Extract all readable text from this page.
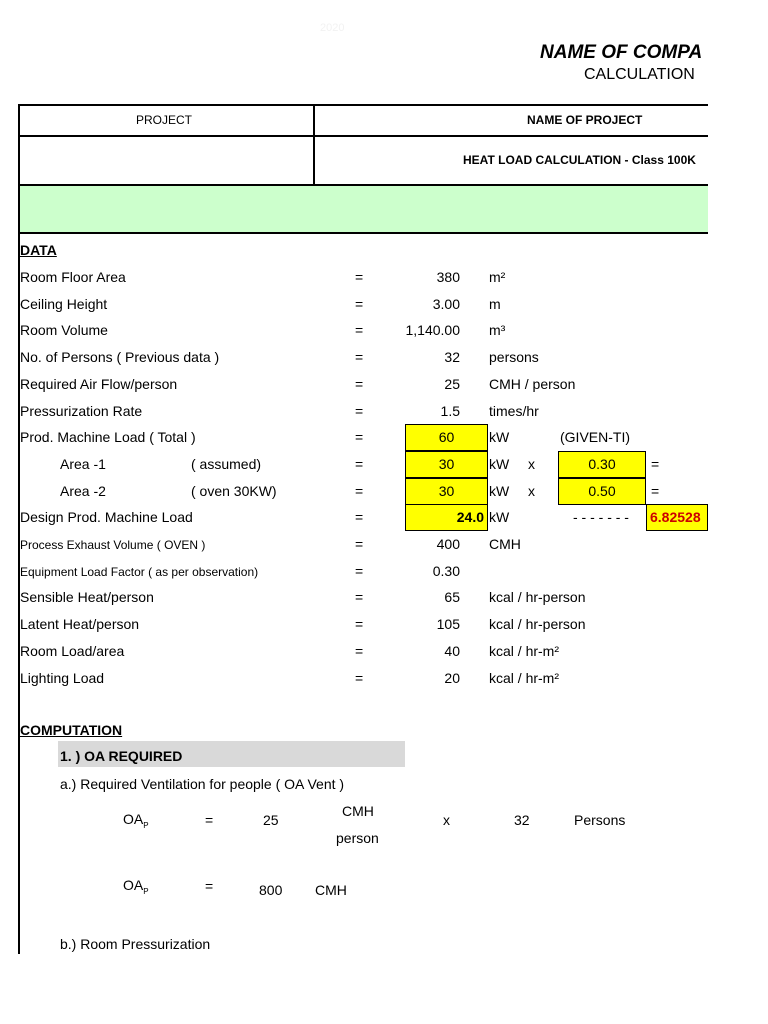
2020
NAME OF COMPA
CALCULATION
PROJECT	NAME OF PROJECT
HEAT LOAD CALCULATION - Class 100K
DATA
Room Floor Area	=	380 m²
Ceiling Height	=	3.00 m
Room Volume	=	1,140.00 m³
No. of Persons ( Previous data )	=	32 persons
Required Air Flow/person	=	25 CMH / person
Pressurization Rate	=	1.5 times/hr
Prod. Machine Load ( Total )	=	60	kW	(GIVEN-TI)
Area -1	( assumed)	=	30	kW x	0.30	=
Area -2	( oven 30KW)	=	30	kW x	0.50	=
Design Prod. Machine Load	=	24.0 kW	- - - - - - - 6.82528
Process Exhaust Volume ( OVEN )	=	400 CMH
Equipment Load Factor ( as per observation)	=	0.30
Sensible Heat/person	=	65 kcal / hr-person
Latent Heat/person	=	105 kcal / hr-person
Room Load/area	=	40 kcal / hr-m²
Lighting Load	=	20 kcal / hr-m²
COMPUTATION
1. ) OA REQUIRED
a.) Required Ventilation for people ( OA Vent )
$OA_P$	=	25
CMH
person
x	32	Persons
$OA_P$	=	800 CMH
b.) Room Pressurization
